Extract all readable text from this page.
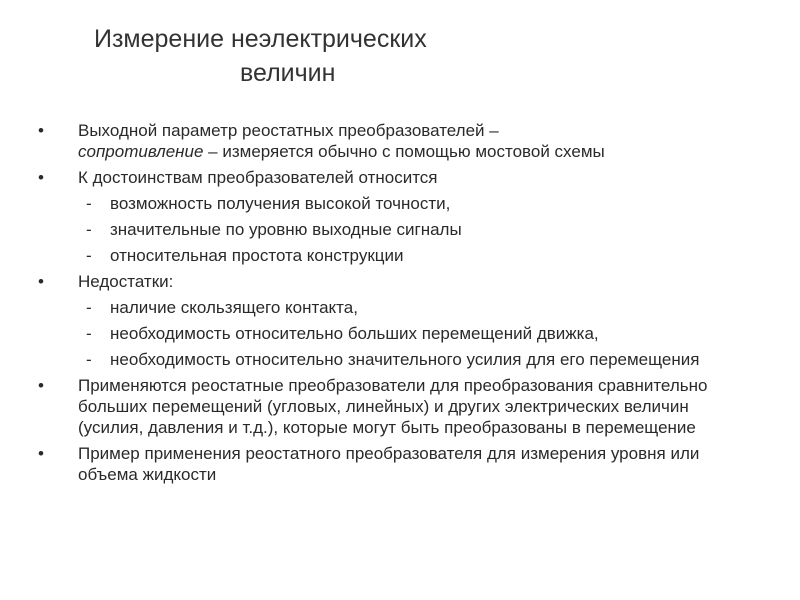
Измерение неэлектрических
величин
• Выходной параметр реостатных преобразователей –
сопротивление – измеряется обычно с помощью мостовой схемы
• К достоинствам преобразователей относится
- возможность получения высокой точности,
- значительные по уровню выходные сигналы
- относительная простота конструкции
• Недостатки:
- наличие скользящего контакта,
- необходимость относительно больших перемещений движка,
- необходимость относительно значительного усилия для его перемещения
• Применяются реостатные преобразователи для преобразования сравнительно больших перемещений (угловых, линейных) и других электрических величин (усилия, давления и т.д.), которые могут быть преобразованы в перемещение
• Пример применения реостатного преобразователя для измерения уровня или объема жидкости
